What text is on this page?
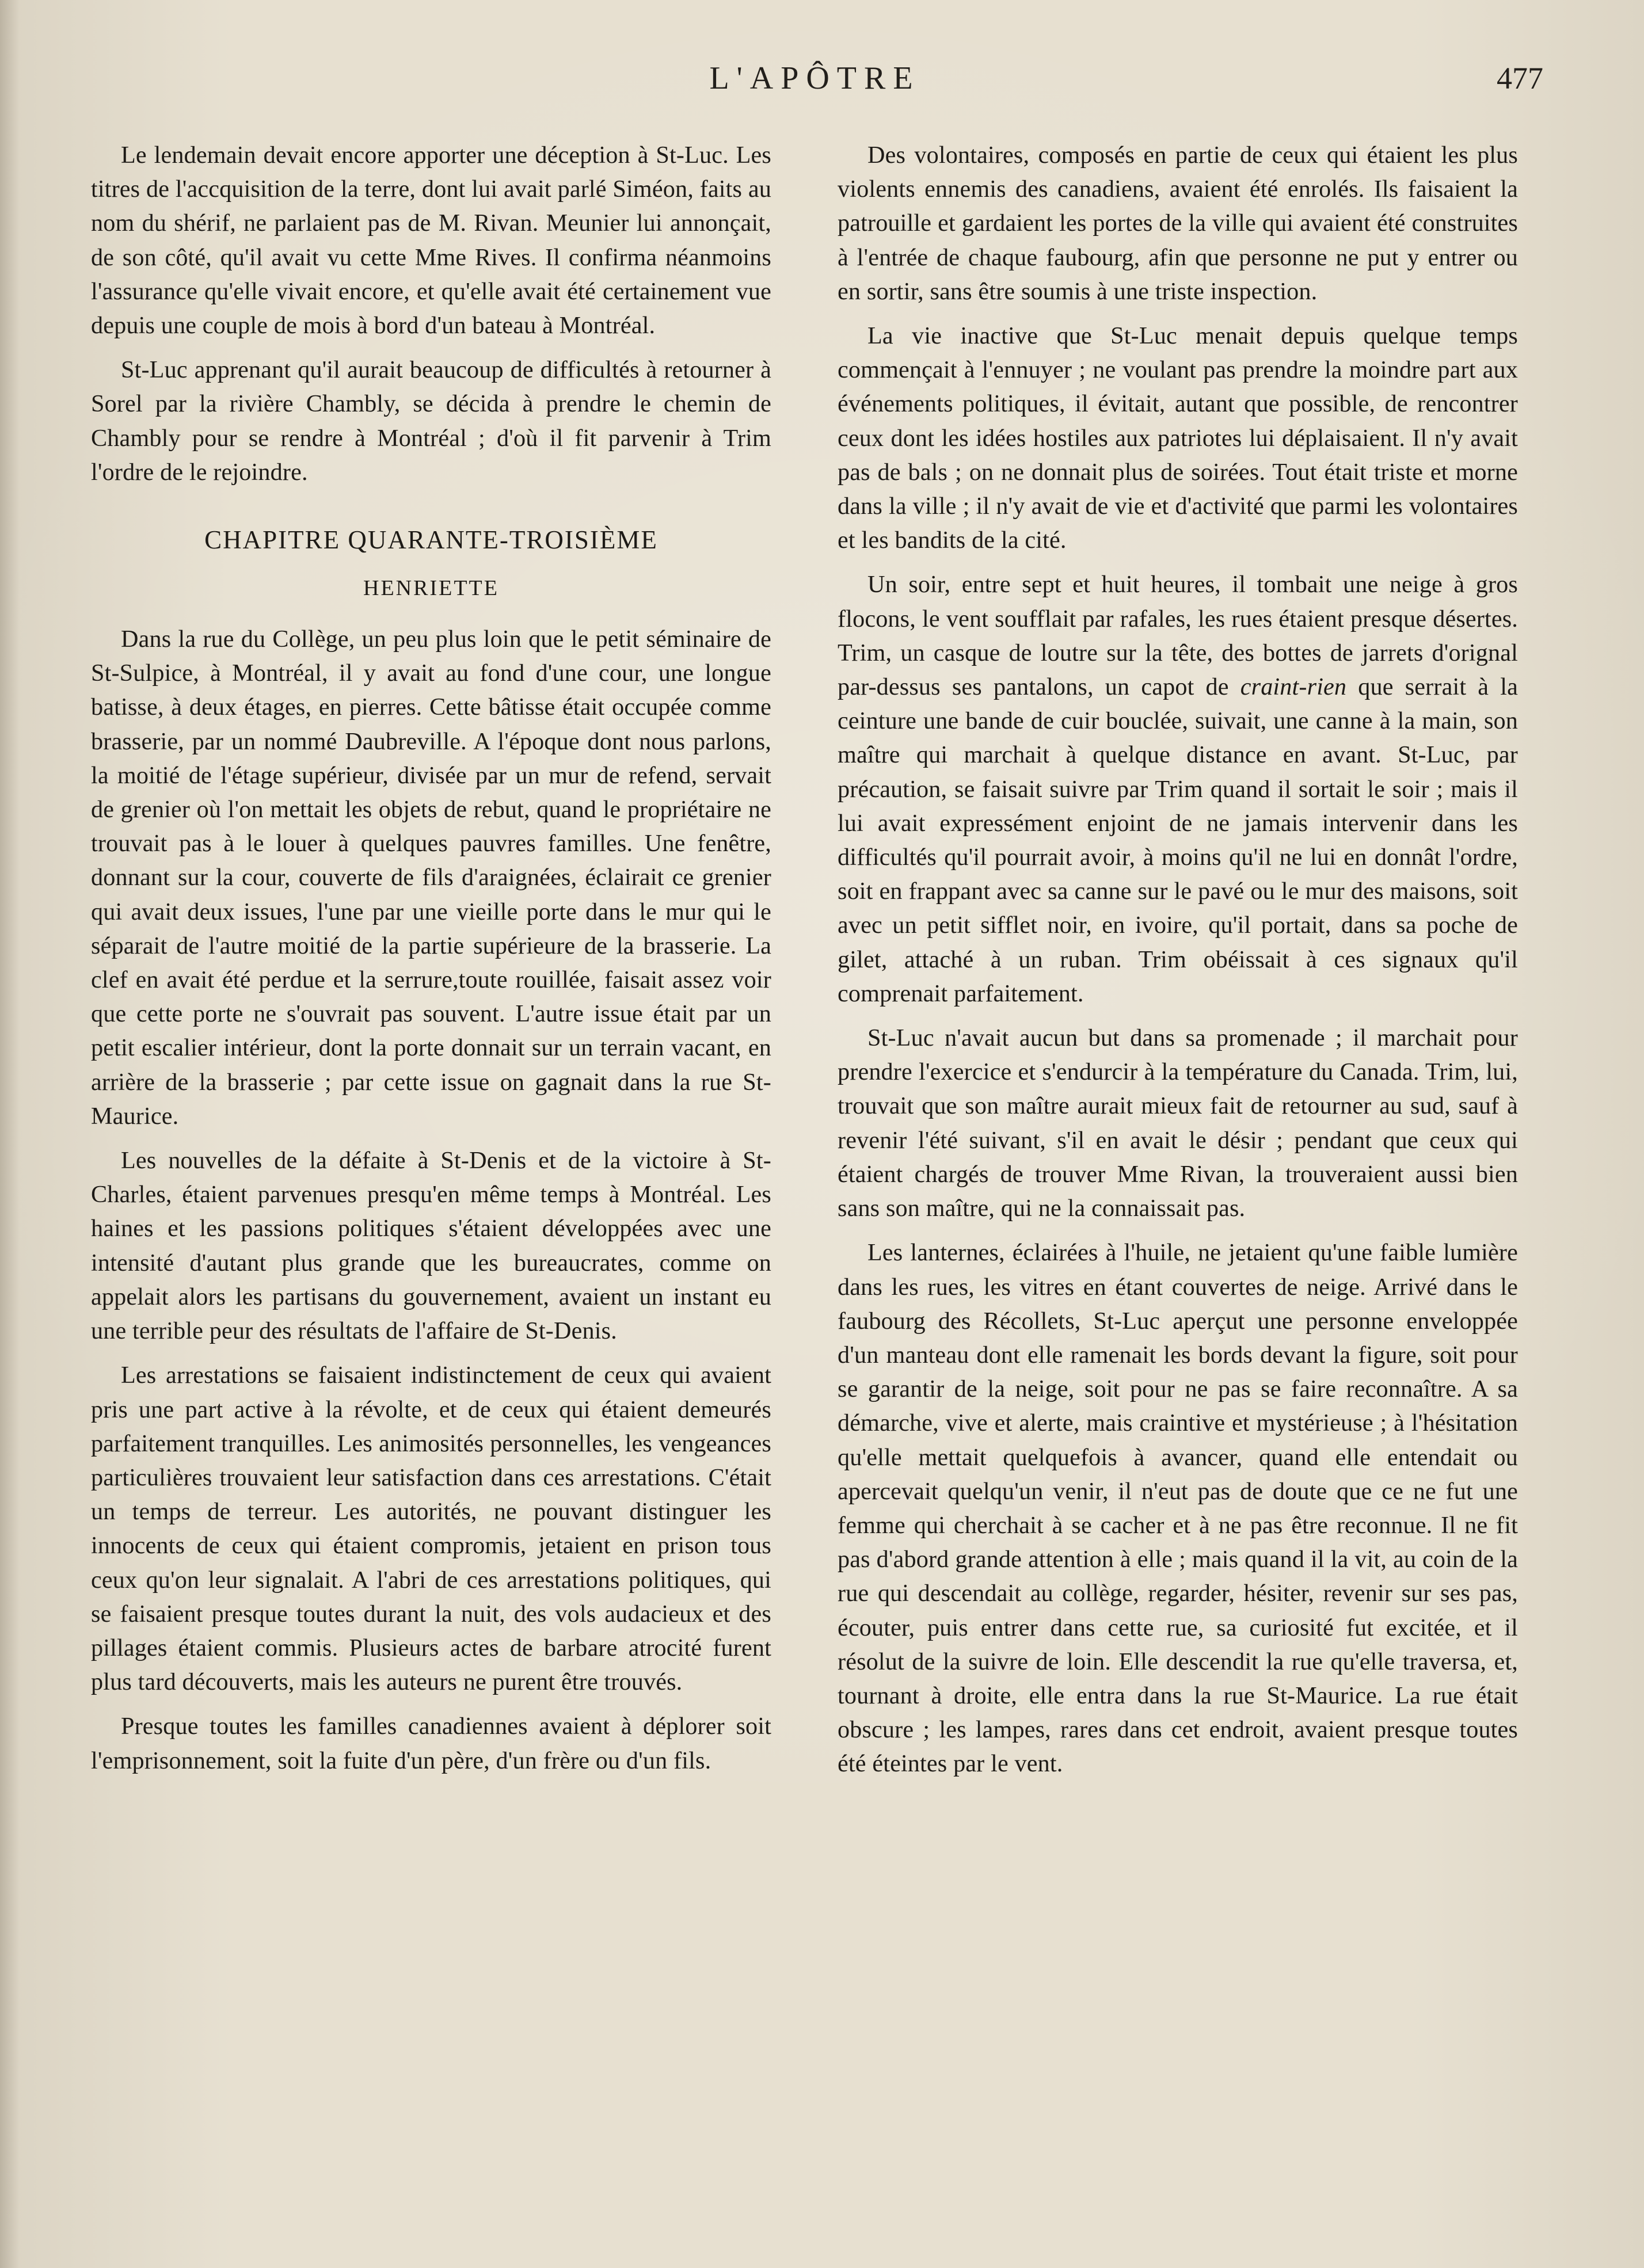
L'APÔTRE	477

Le lendemain devait encore apporter une déception à St-Luc. Les titres de l'accquisition de la terre, dont lui avait parlé Siméon, faits au nom du shérif, ne parlaient pas de M. Rivan. Meunier lui annonçait, de son côté, qu'il avait vu cette Mme Rives. Il confirma néanmoins l'assurance qu'elle vivait encore, et qu'elle avait été certainement vue depuis une couple de mois à bord d'un bateau à Montréal.

St-Luc apprenant qu'il aurait beaucoup de difficultés à retourner à Sorel par la rivière Chambly, se décida à prendre le chemin de Chambly pour se rendre à Montréal ; d'où il fit parvenir à Trim l'ordre de le rejoindre.

CHAPITRE QUARANTE-TROISIÈME
HENRIETTE

Dans la rue du Collège, un peu plus loin que le petit séminaire de St-Sulpice, à Montréal, il y avait au fond d'une cour, une longue batisse, à deux étages, en pierres. Cette bâtisse était occupée comme brasserie, par un nommé Daubreville. A l'époque dont nous parlons, la moitié de l'étage supérieur, divisée par un mur de refend, servait de grenier où l'on mettait les objets de rebut, quand le propriétaire ne trouvait pas à le louer à quelques pauvres familles. Une fenêtre, donnant sur la cour, couverte de fils d'araignées, éclairait ce grenier qui avait deux issues, l'une par une vieille porte dans le mur qui le séparait de l'autre moitié de la partie supérieure de la brasserie. La clef en avait été perdue et la serrure,toute rouillée, faisait assez voir que cette porte ne s'ouvrait pas souvent. L'autre issue était par un petit escalier intérieur, dont la porte donnait sur un terrain vacant, en arrière de la brasserie ; par cette issue on gagnait dans la rue St-Maurice.

Les nouvelles de la défaite à St-Denis et de la victoire à St-Charles, étaient parvenues presqu'en même temps à Montréal. Les haines et les passions politiques s'étaient développées avec une intensité d'autant plus grande que les bureaucrates, comme on appelait alors les partisans du gouvernement, avaient un instant eu une terrible peur des résultats de l'affaire de St-Denis.

Les arrestations se faisaient indistinctement de ceux qui avaient pris une part active à la révolte, et de ceux qui étaient demeurés parfaitement tranquilles. Les animosités personnelles, les vengeances particulières trouvaient leur satisfaction dans ces arrestations. C'était un temps de terreur. Les autorités, ne pouvant distinguer les innocents de ceux qui étaient compromis, jetaient en prison tous ceux qu'on leur signalait. A l'abri de ces arrestations politiques, qui se faisaient presque toutes durant la nuit, des vols audacieux et des pillages étaient commis. Plusieurs actes de barbare atrocité furent plus tard découverts, mais les auteurs ne purent être trouvés.

Presque toutes les familles canadiennes avaient à déplorer soit l'emprisonnement, soit la fuite d'un père, d'un frère ou d'un fils.

Des volontaires, composés en partie de ceux qui étaient les plus violents ennemis des canadiens, avaient été enrolés. Ils faisaient la patrouille et gardaient les portes de la ville qui avaient été construites à l'entrée de chaque faubourg, afin que personne ne put y entrer ou en sortir, sans être soumis à une triste inspection.

La vie inactive que St-Luc menait depuis quelque temps commençait à l'ennuyer ; ne voulant pas prendre la moindre part aux événements politiques, il évitait, autant que possible, de rencontrer ceux dont les idées hostiles aux patriotes lui déplaisaient. Il n'y avait pas de bals ; on ne donnait plus de soirées. Tout était triste et morne dans la ville ; il n'y avait de vie et d'activité que parmi les volontaires et les bandits de la cité.

Un soir, entre sept et huit heures, il tombait une neige à gros flocons, le vent soufflait par rafales, les rues étaient presque désertes. Trim, un casque de loutre sur la tête, des bottes de jarrets d'orignal par-dessus ses pantalons, un capot de craint-rien que serrait à la ceinture une bande de cuir bouclée, suivait, une canne à la main, son maître qui marchait à quelque distance en avant. St-Luc, par précaution, se faisait suivre par Trim quand il sortait le soir ; mais il lui avait expressément enjoint de ne jamais intervenir dans les difficultés qu'il pourrait avoir, à moins qu'il ne lui en donnât l'ordre, soit en frappant avec sa canne sur le pavé ou le mur des maisons, soit avec un petit sifflet noir, en ivoire, qu'il portait, dans sa poche de gilet, attaché à un ruban. Trim obéissait à ces signaux qu'il comprenait parfaitement.

St-Luc n'avait aucun but dans sa promenade ; il marchait pour prendre l'exercice et s'endurcir à la température du Canada. Trim, lui, trouvait que son maître aurait mieux fait de retourner au sud, sauf à revenir l'été suivant, s'il en avait le désir ; pendant que ceux qui étaient chargés de trouver Mme Rivan, la trouveraient aussi bien sans son maître, qui ne la connaissait pas.

Les lanternes, éclairées à l'huile, ne jetaient qu'une faible lumière dans les rues, les vitres en étant couvertes de neige. Arrivé dans le faubourg des Récollets, St-Luc aperçut une personne enveloppée d'un manteau dont elle ramenait les bords devant la figure, soit pour se garantir de la neige, soit pour ne pas se faire reconnaître. A sa démarche, vive et alerte, mais craintive et mystérieuse ; à l'hésitation qu'elle mettait quelquefois à avancer, quand elle entendait ou apercevait quelqu'un venir, il n'eut pas de doute que ce ne fut une femme qui cherchait à se cacher et à ne pas être reconnue. Il ne fit pas d'abord grande attention à elle ; mais quand il la vit, au coin de la rue qui descendait au collège, regarder, hésiter, revenir sur ses pas, écouter, puis entrer dans cette rue, sa curiosité fut excitée, et il résolut de la suivre de loin. Elle descendit la rue qu'elle traversa, et, tournant à droite, elle entra dans la rue St-Maurice. La rue était obscure ; les lampes, rares dans cet endroit, avaient presque toutes été éteintes par le vent.
